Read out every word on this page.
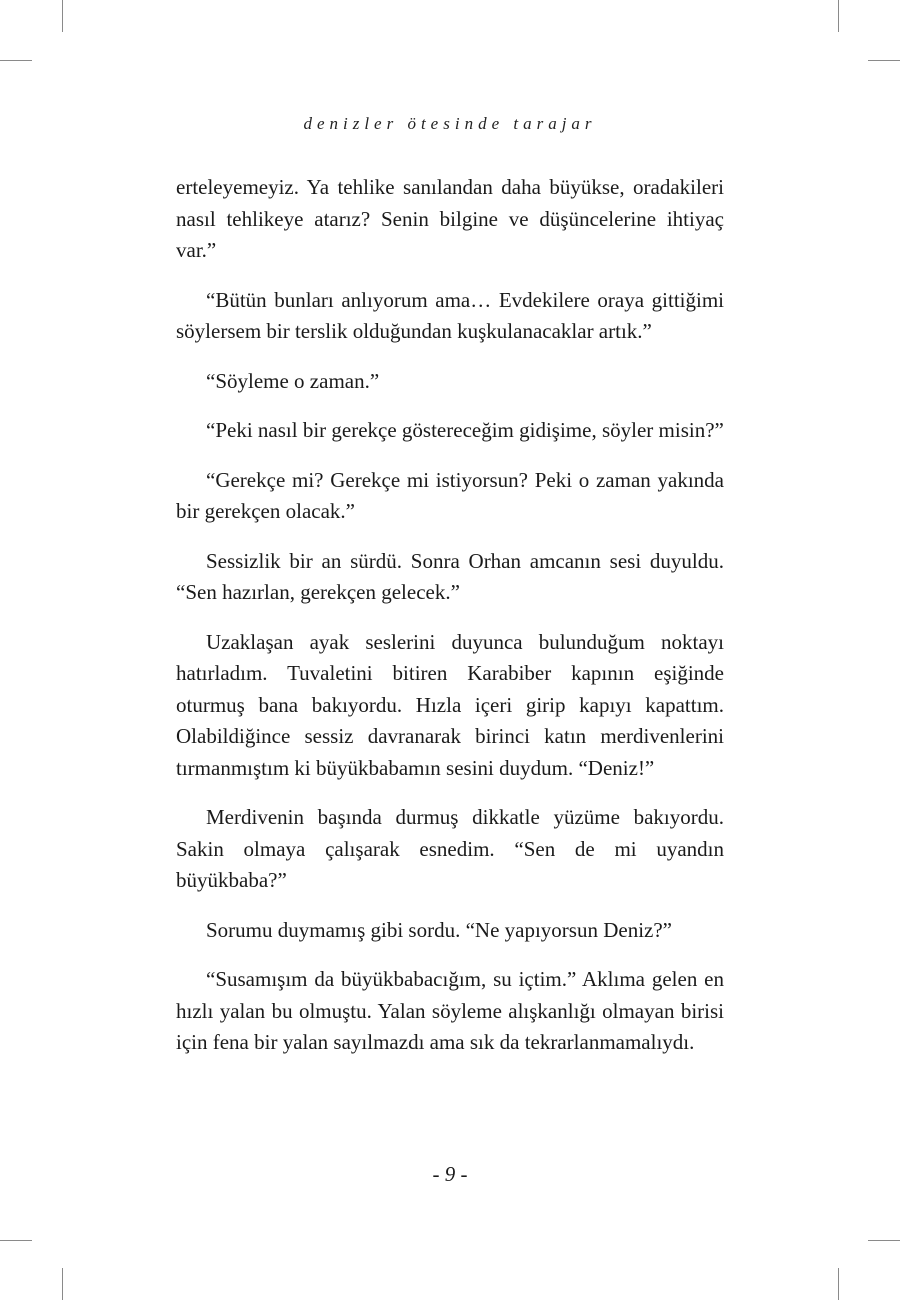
denizler ötesinde tarajar

erteleyemeyiz. Ya tehlike sanılandan daha büyükse, oradakileri nasıl tehlikeye atarız? Senin bilgine ve düşüncelerine ihtiyaç var.”

“Bütün bunları anlıyorum ama… Evdekilere oraya gittiğimi söylersem bir terslik olduğundan kuşkulanacaklar artık.”

“Söyleme o zaman.”

“Peki nasıl bir gerekçe göstereceğim gidişime, söyler misin?”

“Gerekçe mi? Gerekçe mi istiyorsun? Peki o zaman yakında bir gerekçen olacak.”

Sessizlik bir an sürdü. Sonra Orhan amcanın sesi duyuldu. “Sen hazırlan, gerekçen gelecek.”

Uzaklaşan ayak seslerini duyunca bulunduğum noktayı hatırladım. Tuvaletini bitiren Karabiber kapının eşiğinde oturmuş bana bakıyordu. Hızla içeri girip kapıyı kapattım. Olabildiğince sessiz davranarak birinci katın merdivenlerini tırmanmıştım ki büyükbabamın sesini duydum. “Deniz!”

Merdivenin başında durmuş dikkatle yüzüme bakıyordu. Sakin olmaya çalışarak esnedim. “Sen de mi uyandın büyükbaba?”

Sorumu duymamış gibi sordu. “Ne yapıyorsun Deniz?”

“Susamışım da büyükbabacığım, su içtim.” Aklıma gelen en hızlı yalan bu olmuştu. Yalan söyleme alışkanlığı olmayan birisi için fena bir yalan sayılmazdı ama sık da tekrarlanmamalıydı.

- 9 -
